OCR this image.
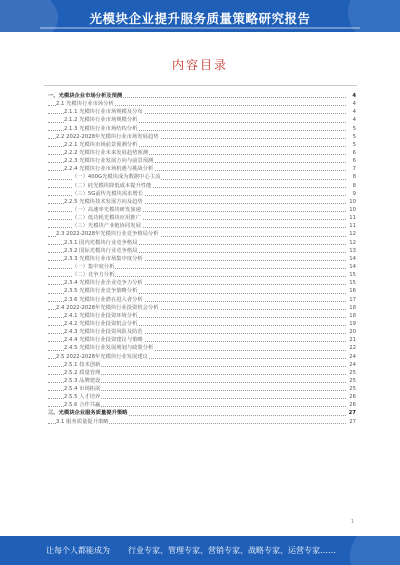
光模块企业提升服务质量策略研究报告
内容目录
一、光模块企业市场分析及预测	4
2.1 光模块行业市场分析	4
2.1.1 光模块行业市场规模及分布	4
2.1.2 光模块行业市场规模分析	4
2.1.3 光模块行业市场结构分析	5
2.2 2022-2028年光模块行业市场发展趋势	5
2.2.1 光模块市场前景预测分析	5
2.2.2 光模块行业未来发展趋势预测	6
2.2.3 光模块行业发展方向与前景预测	6
2.2.4 光模块行业市场机遇与挑战分析	7
（一）400G光模块成为数据中心主流	8
（二）硅光模块降低成本提升性能	8
（三）5G前传光模块需求增长	9
2.2.5 光模块技术发展方向及趋势	10
（一）高速率光模块研发加速	10
（二）低功耗光模块应用推广	11
（三）光模块产业链协同发展	11
2.3 2022-2028年光模块行业竞争格局分析	12
2.3.1 国内光模块行业竞争格局	12
2.3.2 国际光模块行业竞争格局	13
2.3.3 光模块行业市场集中度分析	14
（一）集中度分析	14
（二）竞争力分析	15
2.3.4 光模块行业企业竞争力分析	15
2.3.5 光模块行业竞争策略分析	16
2.3.6 光模块行业潜在进入者分析	17
2.4 2022-2028年光模块行业投资机会分析	18
2.4.1 光模块行业投资环境分析	18
2.4.2 光模块行业投资机会分析	19
2.4.3 光模块行业投资风险及防范	20
2.4.4 光模块行业投资建议与策略	21
2.4.5 光模块行业发展规划与政策分析	22
2.5 2022-2028年光模块行业发展建议	24
2.5.1 技术创新	24
2.5.2 质量管理	25
2.5.3 品牌建设	25
2.5.4 市场拓展	25
2.5.5 人才培养	26
2.5.6 合作共赢	26
三、光模块企业服务质量提升策略	27
3.1 服务质量提升策略	27
1
让每个人都能成为 行业专家、管理专家、营销专家、战略专家、运营专家……
